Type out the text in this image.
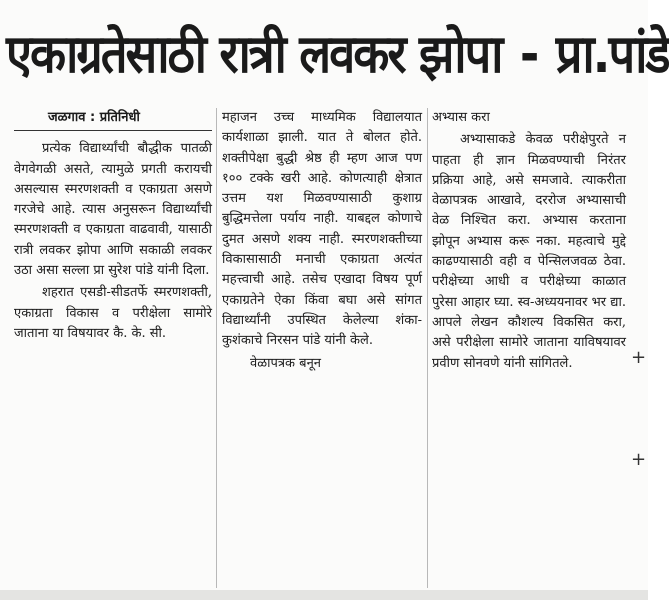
एकाग्रतेसाठी रात्री लवकर झोपा - प्रा.पांडे

जळगाव : प्रतिनिधी

प्रत्येक विद्यार्थ्यांची बौद्धीक पातळी वेगवेगळी असते, त्यामुळे प्रगती करायची असल्यास स्मरणशक्ती व एकाग्रता असणे गरजेचे आहे. त्यास अनुसरून विद्यार्थ्यांची स्मरणशक्ती व एकाग्रता वाढवावी, यासाठी रात्री लवकर झोपा आणि सकाळी लवकर उठा असा सल्ला प्रा सुरेश पांडे यांनी दिला.

शहरात एसडी-सीडतर्फे स्मरणशक्ती, एकाग्रता विकास व परीक्षेला सामोरे जाताना या विषयावर कै. के. सी.

महाजन उच्च माध्यमिक विद्यालयात कार्यशाळा झाली. यात ते बोलत होते. शक्तीपेक्षा बुद्धी श्रेष्ठ ही म्हण आज पण १०० टक्के खरी आहे. कोणत्याही क्षेत्रात उत्तम यश मिळवण्यासाठी कुशाग्र बुद्धिमत्तेला पर्याय नाही. याबद्दल कोणाचे दुमत असणे शक्य नाही. स्मरणशक्तीच्या विकासासाठी मनाची एकाग्रता अत्यंत महत्त्वाची आहे. तसेच एखादा विषय पूर्ण एकाग्रतेने ऐका किंवा बघा असे सांगत विद्यार्थ्यांनी उपस्थित केलेल्या शंका-कुशंकाचे निरसन पांडे यांनी केले.

वेळापत्रक बनून

अभ्यास करा

अभ्यासाकडे केवळ परीक्षेपुरते न पाहता ही ज्ञान मिळवण्याची निरंतर प्रक्रिया आहे, असे समजावे. त्याकरीता वेळापत्रक आखावे, दररोज अभ्यासाची वेळ निश्चित करा. अभ्यास करताना झोपून अभ्यास करू नका. महत्वाचे मुद्दे काढण्यासाठी वही व पेन्सिलजवळ ठेवा. परीक्षेच्या आधी व परीक्षेच्या काळात पुरेसा आहार घ्या. स्व-अध्ययनावर भर द्या. आपले लेखन कौशल्य विकसित करा, असे परीक्षेला सामोरे जाताना याविषयावर प्रवीण सोनवणे यांनी सांगितले.	+
+
